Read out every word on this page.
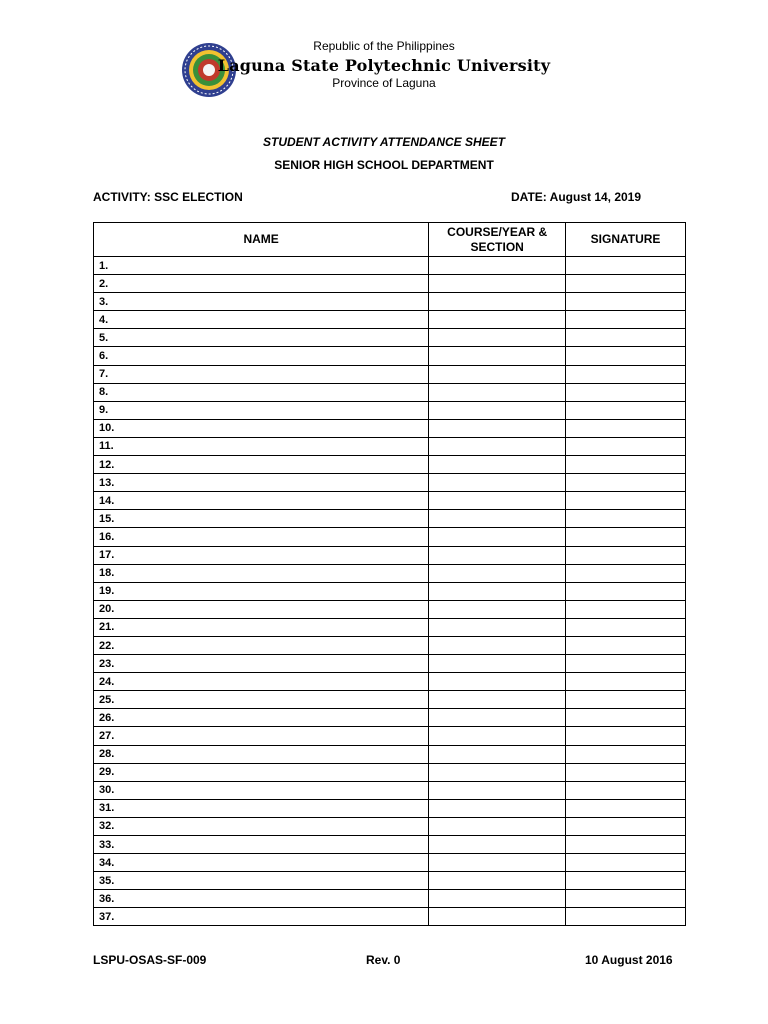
Republic of the Philippines
Laguna State Polytechnic University
Province of Laguna
STUDENT ACTIVITY ATTENDANCE SHEET
SENIOR HIGH SCHOOL DEPARTMENT
ACTIVITY: SSC ELECTION	DATE: August 14, 2019
NAME	COURSE/YEAR & SECTION	SIGNATURE
1.		
2.		
3.		
4.		
5.		
6.		
7.		
8.		
9.		
10.		
11.		
12.		
13.		
14.		
15.		
16.		
17.		
18.		
19.		
20.		
21.		
22.		
23.		
24.		
25.		
26.		
27.		
28.		
29.		
30.		
31.		
32.		
33.		
34.		
35.		
36.		
37.		
LSPU-OSAS-SF-009	Rev. 0	10 August 2016
